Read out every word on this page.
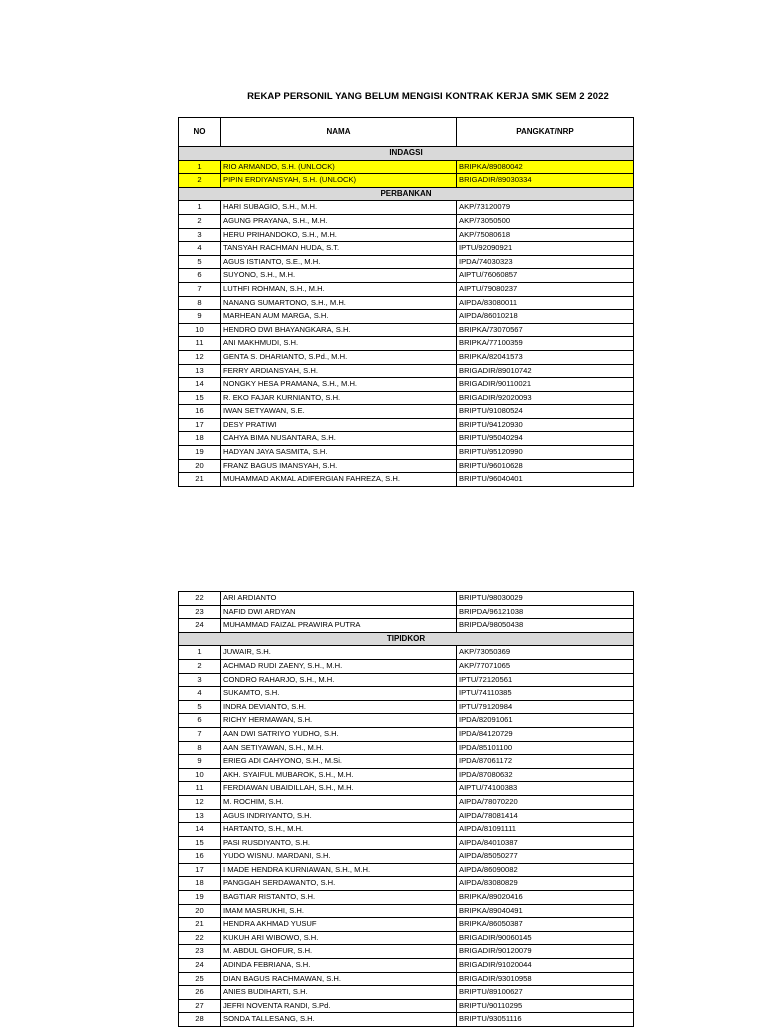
REKAP PERSONIL YANG BELUM MENGISI KONTRAK KERJA SMK SEM 2 2022
NO	NAMA	PANGKAT/NRP
INDAGSI		
1	RIO ARMANDO, S.H. (UNLOCK)	BRIPKA/89080042
2	PIPIN ERDIYANSYAH, S.H. (UNLOCK)	BRIGADIR/89030334
PERBANKAN		
1	HARI SUBAGIO, S.H., M.H.	AKP/73120079
2	AGUNG PRAYANA, S.H., M.H.	AKP/73050500
3	HERU PRIHANDOKO, S.H., M.H.	AKP/75080618
4	TANSYAH RACHMAN HUDA, S.T.	IPTU/92090921
5	AGUS ISTIANTO, S.E., M.H.	IPDA/74030323
6	SUYONO, S.H., M.H.	AIPTU/76060857
7	LUTHFI ROHMAN, S.H., M.H.	AIPTU/79080237
8	NANANG SUMARTONO, S.H., M.H.	AIPDA/83080011
9	MARHEAN AUM MARGA, S.H.	AIPDA/86010218
10	HENDRO DWI BHAYANGKARA, S.H.	BRIPKA/73070567
11	ANI MAKHMUDI, S.H.	BRIPKA/77100359
12	GENTA S. DHARIANTO, S.Pd., M.H.	BRIPKA/82041573
13	FERRY ARDIANSYAH, S.H.	BRIGADIR/89010742
14	NONGKY HESA PRAMANA, S.H., M.H.	BRIGADIR/90110021
15	R. EKO FAJAR KURNIANTO, S.H.	BRIGADIR/92020093
16	IWAN SETYAWAN, S.E.	BRIPTU/91080524
17	DESY PRATIWI	BRIPTU/94120930
18	CAHYA BIMA NUSANTARA, S.H.	BRIPTU/95040294
19	HADYAN JAYA SASMITA, S.H.	BRIPTU/95120990
20	FRANZ BAGUS IMANSYAH, S.H.	BRIPTU/96010628
21	MUHAMMAD AKMAL ADIFERGIAN FAHREZA, S.H.	BRIPTU/96040401
22	ARI ARDIANTO	BRIPTU/98030029
23	NAFID DWI ARDYAN	BRIPDA/96121038
24	MUHAMMAD FAIZAL PRAWIRA PUTRA	BRIPDA/98050438
TIPIDKOR		
1	JUWAIR, S.H.	AKP/73050369
2	ACHMAD RUDI ZAENY, S.H., M.H.	AKP/77071065
3	CONDRO RAHARJO, S.H., M.H.	IPTU/72120561
4	SUKAMTO, S.H.	IPTU/74110385
5	INDRA DEVIANTO, S.H.	IPTU/79120984
6	RICHY HERMAWAN, S.H.	IPDA/82091061
7	AAN DWI SATRIYO YUDHO, S.H.	IPDA/84120729
8	AAN SETIYAWAN, S.H., M.H.	IPDA/85101100
9	ERIEG ADI CAHYONO, S.H., M.Si.	IPDA/87061172
10	AKH. SYAIFUL MUBAROK, S.H., M.H.	IPDA/87080632
11	FERDIAWAN UBAIDILLAH, S.H., M.H.	AIPTU/74100383
12	M. ROCHIM, S.H.	AIPDA/78070220
13	AGUS INDRIYANTO, S.H.	AIPDA/78081414
14	HARTANTO, S.H., M.H.	AIPDA/81091111
15	PASI RUSDIYANTO, S.H.	AIPDA/84010387
16	YUDO WISNU. MARDANI, S.H.	AIPDA/85050277
17	I MADE HENDRA KURNIAWAN, S.H., M.H.	AIPDA/86090082
18	PANGGAH SERDAWANTO, S.H.	AIPDA/83080829
19	BAGTIAR RISTANTO, S.H.	BRIPKA/89020416
20	IMAM MASRUKHI, S.H.	BRIPKA/89040491
21	HENDRA AKHMAD YUSUF	BRIPKA/86050387
22	KUKUH ARI WIBOWO, S.H.	BRIGADIR/90060145
23	M. ABDUL GHOFUR, S.H.	BRIGADIR/90120079
24	ADINDA FEBRIANA, S.H.	BRIGADIR/91020044
25	DIAN BAGUS RACHMAWAN, S.H.	BRIGADIR/93010958
26	ANIES BUDIHARTI, S.H.	BRIPTU/89100627
27	JEFRI NOVENTA RANDI, S.Pd.	BRIPTU/90110295
28	SONDA TALLESANG, S.H.	BRIPTU/93051116
